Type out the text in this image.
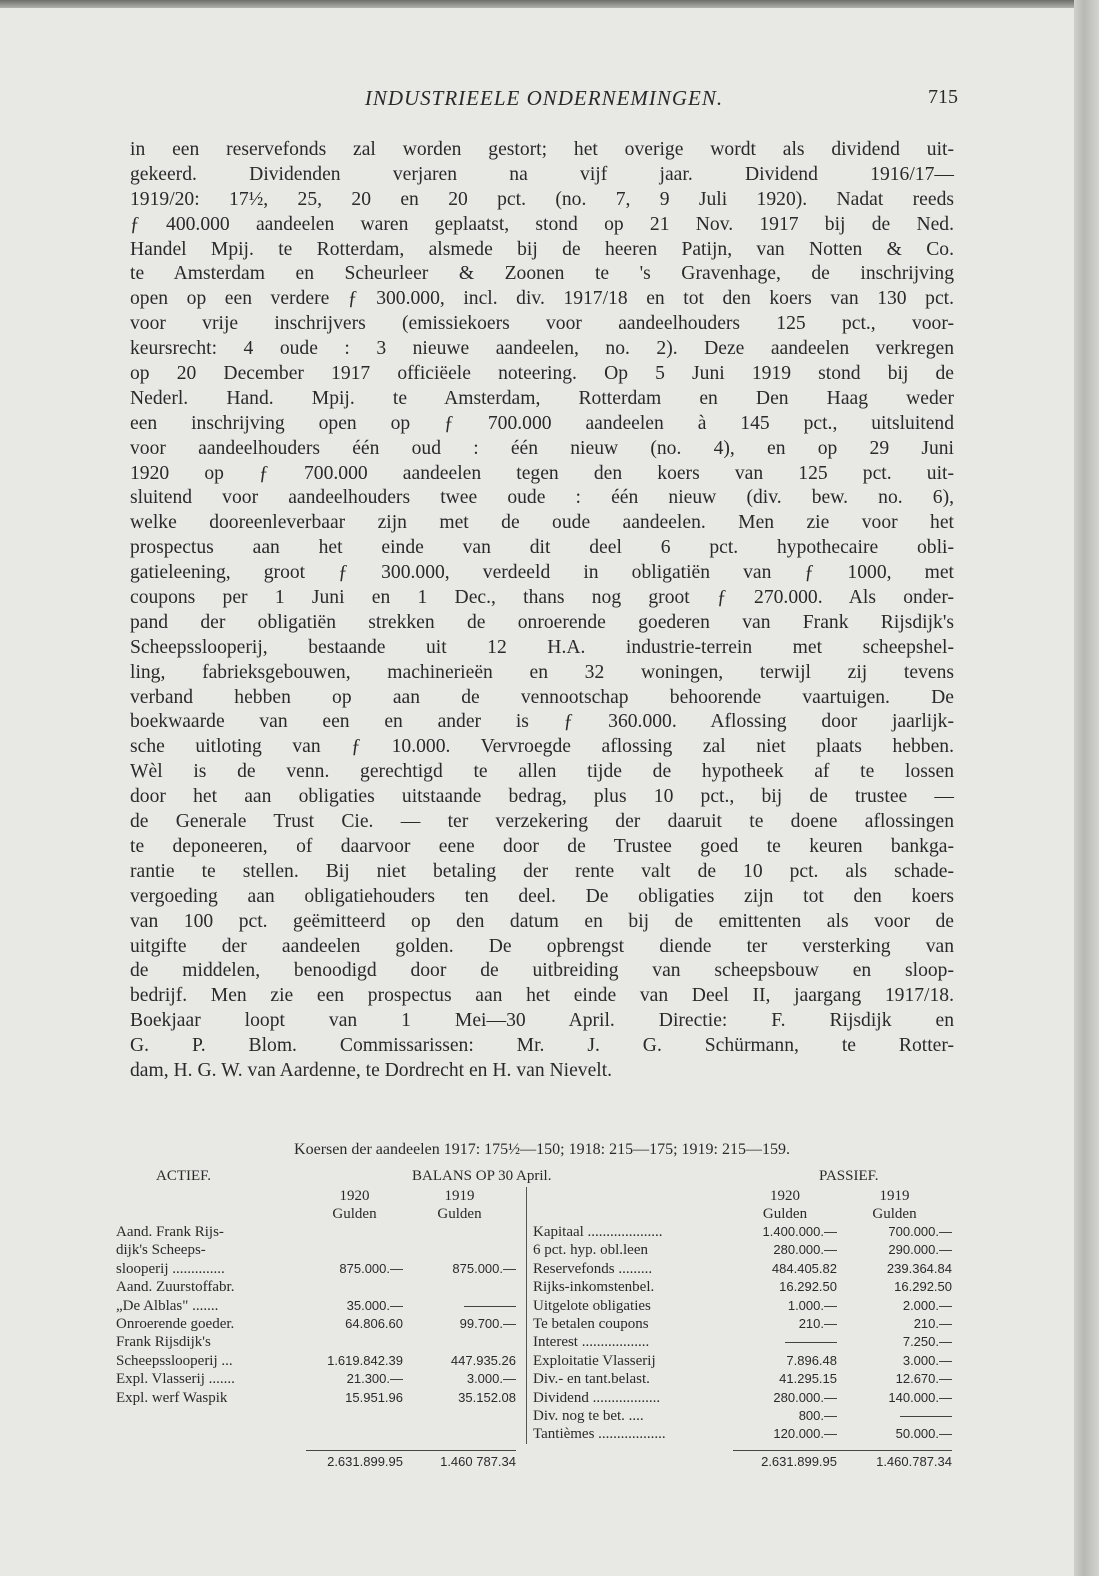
INDUSTRIEELE ONDERNEMINGEN.	715
in een reservefonds zal worden gestort; het overige wordt als dividend uit-
gekeerd. Dividenden verjaren na vijf jaar. Dividend 1916/17—
1919/20: 17½, 25, 20 en 20 pct. (no. 7, 9 Juli 1920). Nadat reeds
ƒ 400.000 aandeelen waren geplaatst, stond op 21 Nov. 1917 bij de Ned.
Handel Mpij. te Rotterdam, alsmede bij de heeren Patijn, van Notten & Co.
te Amsterdam en Scheurleer & Zoonen te 's Gravenhage, de inschrijving
open op een verdere ƒ 300.000, incl. div. 1917/18 en tot den koers van 130 pct.
voor vrije inschrijvers (emissiekoers voor aandeelhouders 125 pct., voor-
keursrecht: 4 oude : 3 nieuwe aandeelen, no. 2). Deze aandeelen verkregen
op 20 December 1917 officiëele noteering. Op 5 Juni 1919 stond bij de
Nederl. Hand. Mpij. te Amsterdam, Rotterdam en Den Haag weder
een inschrijving open op ƒ 700.000 aandeelen à 145 pct., uitsluitend
voor aandeelhouders één oud : één nieuw (no. 4), en op 29 Juni
1920 op ƒ 700.000 aandeelen tegen den koers van 125 pct. uit-
sluitend voor aandeelhouders twee oude : één nieuw (div. bew. no. 6),
welke dooreenleverbaar zijn met de oude aandeelen. Men zie voor het
prospectus aan het einde van dit deel 6 pct. hypothecaire obli-
gatieleening, groot ƒ 300.000, verdeeld in obligatiën van ƒ 1000, met
coupons per 1 Juni en 1 Dec., thans nog groot ƒ 270.000. Als onder-
pand der obligatiën strekken de onroerende goederen van Frank Rijsdijk's
Scheepsslooperij, bestaande uit 12 H.A. industrie-terrein met scheepshel-
ling, fabrieksgebouwen, machinerieën en 32 woningen, terwijl zij tevens
verband hebben op aan de vennootschap behoorende vaartuigen. De
boekwaarde van een en ander is ƒ 360.000. Aflossing door jaarlijk-
sche uitloting van ƒ 10.000. Vervroegde aflossing zal niet plaats hebben.
Wèl is de venn. gerechtigd te allen tijde de hypotheek af te lossen
door het aan obligaties uitstaande bedrag, plus 10 pct., bij de trustee —
de Generale Trust Cie. — ter verzekering der daaruit te doene aflossingen
te deponeeren, of daarvoor eene door de Trustee goed te keuren bankga-
rantie te stellen. Bij niet betaling der rente valt de 10 pct. als schade-
vergoeding aan obligatiehouders ten deel. De obligaties zijn tot den koers
van 100 pct. geëmitteerd op den datum en bij de emittenten als voor de
uitgifte der aandeelen golden. De opbrengst diende ter versterking van
de middelen, benoodigd door de uitbreiding van scheepsbouw en sloop-
bedrijf. Men zie een prospectus aan het einde van Deel II, jaargang 1917/18.
Boekjaar loopt van 1 Mei—30 April. Directie: F. Rijsdijk en
G. P. Blom. Commissarissen: Mr. J. G. Schürmann, te Rotter-
dam, H. G. W. van Aardenne, te Dordrecht en H. van Nievelt.
Koersen der aandeelen 1917: 175½—150; 1918: 215—175; 1919: 215—159.
ACTIEF.	BALANS OP 30 April.	PASSIEF.
1920
Gulden
1919
Gulden
Aand. Frank Rijs-
dijk's Scheeps-
slooperij ..............	875.000.—	875.000.—
Aand. Zuurstoffabr.
„De Alblas" .......	35.000.—	————
Onroerende goeder.	64.806.60	99.700.—
Frank Rijsdijk's
Scheepsslooperij ...	1.619.842.39	447.935.26
Expl. Vlasserij .......	21.300.—	3.000.—
Expl. werf Waspik	15.951.96	35.152.08
1920
Gulden
1919
Gulden
Kapitaal ....................	1.400.000.—	700.000.—
6 pct. hyp. obl.leen	280.000.—	290.000.—
Reservefonds .........	484.405.82	239.364.84
Rijks-inkomstenbel.	16.292.50	16.292.50
Uitgelote obligaties	1.000.—	2.000.—
Te betalen coupons	210.—	210.—
Interest ..................	————	7.250.—
Exploitatie Vlasserij	7.896.48	3.000.—
Div.- en tant.belast.	41.295.15	12.670.—
Dividend ..................	280.000.—	140.000.—
Div. nog te bet. ....	800.—	————
Tantièmes ..................	120.000.—	50.000.—
2.631.899.95	1.460 787.34	2.631.899.95	1.460.787.34
